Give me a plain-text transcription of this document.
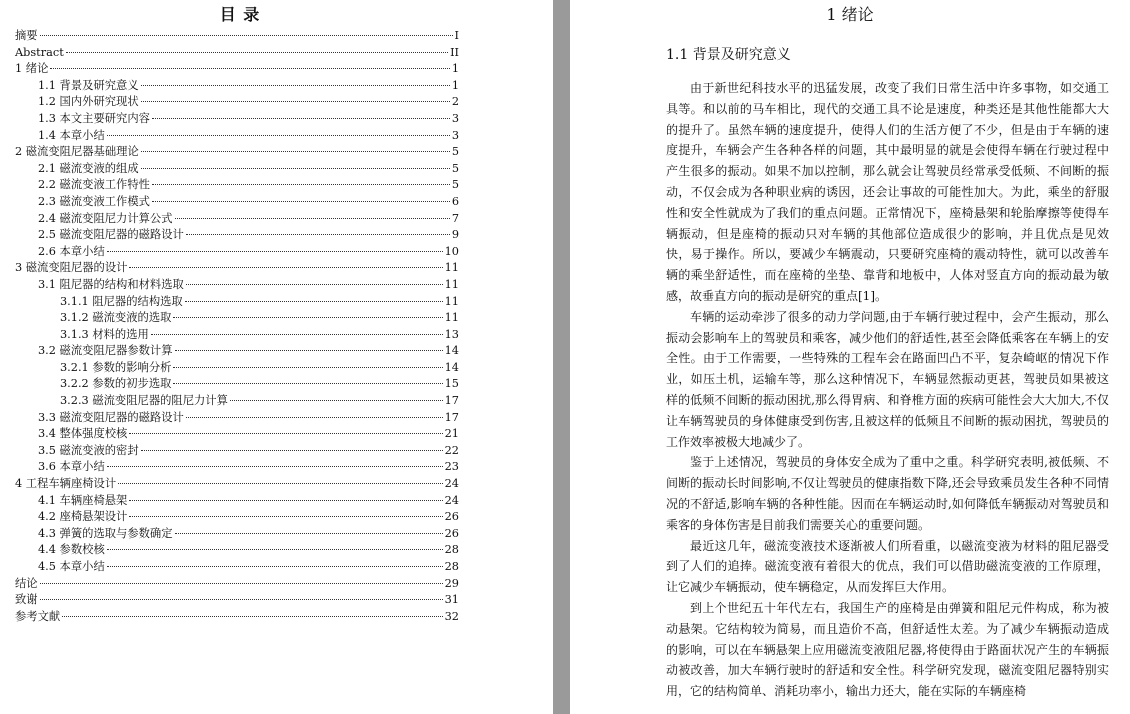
目 录
摘要	I
Abstract	II
1 绪论	1
1.1 背景及研究意义	1
1.2 国内外研究现状	2
1.3 本文主要研究内容	3
1.4 本章小结	3
2 磁流变阻尼器基础理论	5
2.1 磁流变液的组成	5
2.2 磁流变液工作特性	5
2.3 磁流变液工作模式	6
2.4 磁流变阻尼力计算公式	7
2.5 磁流变阻尼器的磁路设计	9
2.6 本章小结	10
3 磁流变阻尼器的设计	11
3.1 阻尼器的结构和材料选取	11
3.1.1 阻尼器的结构选取	11
3.1.2 磁流变液的选取	11
3.1.3 材料的选用	13
3.2 磁流变阻尼器参数计算	14
3.2.1 参数的影响分析	14
3.2.2 参数的初步选取	15
3.2.3 磁流变阻尼器的阻尼力计算	17
3.3 磁流变阻尼器的磁路设计	17
3.4 整体强度校核	21
3.5 磁流变液的密封	22
3.6 本章小结	23
4 工程车辆座椅设计	24
4.1 车辆座椅悬架	24
4.2 座椅悬架设计	26
4.3 弹簧的选取与参数确定	26
4.4 参数校核	28
4.5 本章小结	28
结论	29
致谢	31
参考文献	32
1 绪论
1.1 背景及研究意义

由于新世纪科技水平的迅猛发展，改变了我们日常生活中许多事物，如交通工具等。和以前的马车相比，现代的交通工具不论是速度，种类还是其他性能都大大的提升了。虽然车辆的速度提升，使得人们的生活方便了不少，但是由于车辆的速度提升，车辆会产生各种各样的问题，其中最明显的就是会使得车辆在行驶过程中产生很多的振动。如果不加以控制，那么就会让驾驶员经常承受低频、不间断的振动，不仅会成为各种职业病的诱因，还会让事故的可能性加大。为此，乘坐的舒服性和安全性就成为了我们的重点问题。正常情况下，座椅悬架和轮胎摩擦等使得车辆振动，但是座椅的振动只对车辆的其他部位造成很少的影响，并且优点是见效快，易于操作。所以，要减少车辆震动，只要研究座椅的震动特性，就可以改善车辆的乘坐舒适性，而在座椅的坐垫、靠背和地板中，人体对竖直方向的振动最为敏感，故垂直方向的振动是研究的重点[1]。

车辆的运动牵涉了很多的动力学问题,由于车辆行驶过程中，会产生振动，那么振动会影响车上的驾驶员和乘客，减少他们的舒适性,甚至会降低乘客在车辆上的安全性。由于工作需要，一些特殊的工程车会在路面凹凸不平，复杂崎岖的情况下作业，如压土机，运输车等，那么这种情况下，车辆显然振动更甚，驾驶员如果被这样的低频不间断的振动困扰,那么得胃病、和脊椎方面的疾病可能性会大大加大,不仅让车辆驾驶员的身体健康受到伤害,且被这样的低频且不间断的振动困扰，驾驶员的工作效率被极大地减少了。

鉴于上述情况，驾驶员的身体安全成为了重中之重。科学研究表明,被低频、不间断的振动长时间影响,不仅让驾驶员的健康指数下降,还会导致乘员发生各种不同情况的不舒适,影响车辆的各种性能。因而在车辆运动时,如何降低车辆振动对驾驶员和乘客的身体伤害是目前我们需要关心的重要问题。

最近这几年，磁流变液技术逐渐被人们所看重，以磁流变液为材料的阻尼器受到了人们的追捧。磁流变液有着很大的优点，我们可以借助磁流变液的工作原理，让它减少车辆振动，使车辆稳定，从而发挥巨大作用。

到上个世纪五十年代左右，我国生产的座椅是由弹簧和阻尼元件构成，称为被动悬架。它结构较为简易，而且造价不高，但舒适性太差。为了减少车辆振动造成的影响，可以在车辆悬架上应用磁流变液阻尼器,将使得由于路面状况产生的车辆振动被改善，加大车辆行驶时的舒适和安全性。科学研究发现，磁流变阻尼器特别实用，它的结构简单、消耗功率小，输出力还大，能在实际的车辆座椅
